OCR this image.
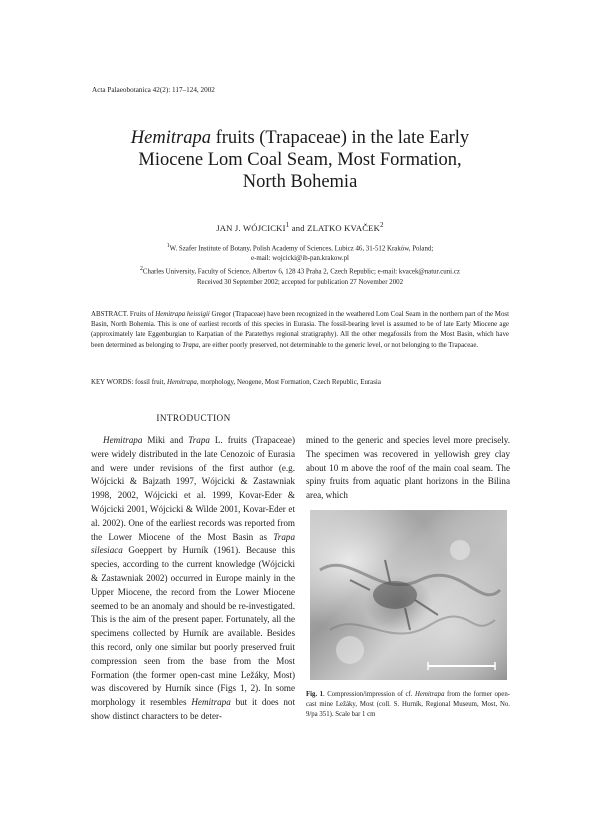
Acta Palaeobotanica 42(2): 117–124, 2002
Hemitrapa fruits (Trapaceae) in the late Early
Miocene Lom Coal Seam, Most Formation,
North Bohemia
JAN J. WÓJCICKI$^1$ and ZLATKO KVAČEK$^2$
$^1$W. Szafer Institute of Botany, Polish Academy of Sciences, Lubicz 46, 31-512 Kraków, Poland;
e-mail: wojcicki@ib-pan.krakow.pl
$^2$Charles University, Faculty of Science, Albertov 6, 128 43 Praha 2, Czech Republic; e-mail: kvacek@natur.cuni.cz
Received 30 September 2002; accepted for publication 27 November 2002
ABSTRACT. Fruits of Hemitrapa heissigii Gregor (Trapaceae) have been recognized in the weathered Lom Coal Seam in the northern part of the Most Basin, North Bohemia. This is one of earliest records of this species in Eurasia. The fossil-bearing level is assumed to be of late Early Miocene age (approximately late Eggenburgian to Karpatian of the Paratethys regional stratigraphy). All the other megafossils from the Most Basin, which have been determined as belonging to Trapa, are either poorly preserved, not determinable to the generic level, or not belonging to the Trapaceae.
KEY WORDS: fossil fruit, Hemitrapa, morphology, Neogene, Most Formation, Czech Republic, Eurasia
INTRODUCTION
Hemitrapa Miki and Trapa L. fruits (Trapaceae) were widely distributed in the late Cenozoic of Eurasia and were under revisions of the first author (e.g. Wójcicki & Bajzath 1997, Wójcicki & Zastawniak 1998, 2002, Wójcicki et al. 1999, Kovar-Eder & Wójcicki 2001, Wójcicki & Wilde 2001, Kovar-Eder et al. 2002). One of the earliest records was reported from the Lower Miocene of the Most Basin as Trapa silesiaca Goeppert by Hurník (1961). Because this species, according to the current knowledge (Wójcicki & Zastawniak 2002) occurred in Europe mainly in the Upper Miocene, the record from the Lower Miocene seemed to be an anomaly and should be re-investigated. This is the aim of the present paper. Fortunately, all the specimens collected by Hurník are available. Besides this record, only one similar but poorly preserved fruit compression seen from the base from the Most Formation (the former open-cast mine Ležáky, Most) was discovered by Hurník since (Figs 1, 2). In some morphology it resembles Hemitrapa but it does not show distinct characters to be deter-
mined to the generic and species level more precisely. The specimen was recovered in yellowish grey clay about 10 m above the roof of the main coal seam. The spiny fruits from aquatic plant horizons in the Bilina area, which
Fig. 1. Compression/impression of cf. Hemitrapa from the former open-cast mine Ležáky, Most (coll. S. Hurník, Regional Museum, Most, No. 9/pa 351). Scale bar 1 cm
